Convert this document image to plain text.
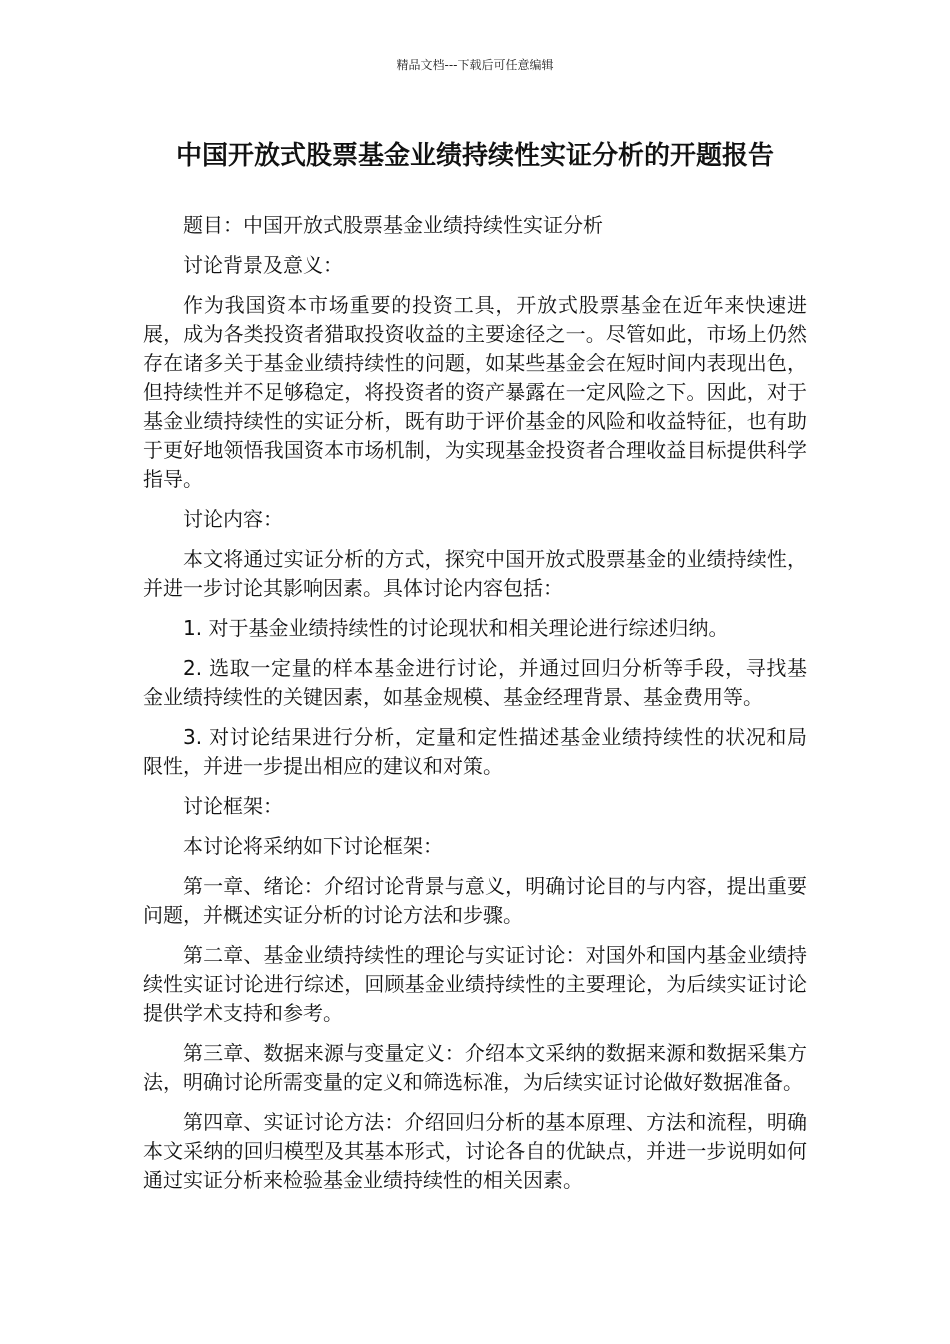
精品文档---下载后可任意编辑
中国开放式股票基金业绩持续性实证分析的开题报告

题目：中国开放式股票基金业绩持续性实证分析

讨论背景及意义：

作为我国资本市场重要的投资工具，开放式股票基金在近年来快速进展，成为各类投资者猎取投资收益的主要途径之一。尽管如此，市场上仍然存在诸多关于基金业绩持续性的问题，如某些基金会在短时间内表现出色，但持续性并不足够稳定，将投资者的资产暴露在一定风险之下。因此，对于基金业绩持续性的实证分析，既有助于评价基金的风险和收益特征，也有助于更好地领悟我国资本市场机制，为实现基金投资者合理收益目标提供科学指导。

讨论内容：

本文将通过实证分析的方式，探究中国开放式股票基金的业绩持续性，并进一步讨论其影响因素。具体讨论内容包括：

1. 对于基金业绩持续性的讨论现状和相关理论进行综述归纳。

2. 选取一定量的样本基金进行讨论，并通过回归分析等手段，寻找基金业绩持续性的关键因素，如基金规模、基金经理背景、基金费用等。

3. 对讨论结果进行分析，定量和定性描述基金业绩持续性的状况和局限性，并进一步提出相应的建议和对策。

讨论框架：

本讨论将采纳如下讨论框架：

第一章、绪论：介绍讨论背景与意义，明确讨论目的与内容，提出重要问题，并概述实证分析的讨论方法和步骤。

第二章、基金业绩持续性的理论与实证讨论：对国外和国内基金业绩持续性实证讨论进行综述，回顾基金业绩持续性的主要理论，为后续实证讨论提供学术支持和参考。

第三章、数据来源与变量定义：介绍本文采纳的数据来源和数据采集方法，明确讨论所需变量的定义和筛选标准，为后续实证讨论做好数据准备。

第四章、实证讨论方法：介绍回归分析的基本原理、方法和流程，明确本文采纳的回归模型及其基本形式，讨论各自的优缺点，并进一步说明如何通过实证分析来检验基金业绩持续性的相关因素。
